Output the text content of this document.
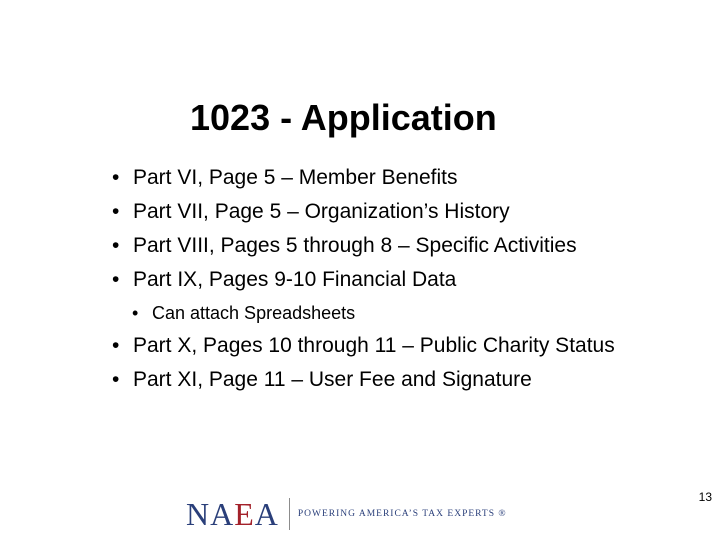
1023 - Application
• Part VI, Page 5 – Member Benefits
• Part VII, Page 5 – Organization’s History
• Part VIII, Pages 5 through 8 – Specific Activities
• Part IX, Pages 9-10 Financial Data
• Can attach Spreadsheets
• Part X, Pages 10 through 11 – Public Charity Status
• Part XI, Page 11 – User Fee and Signature
13
NAEA POWERING AMERICA’S TAX EXPERTS ®
